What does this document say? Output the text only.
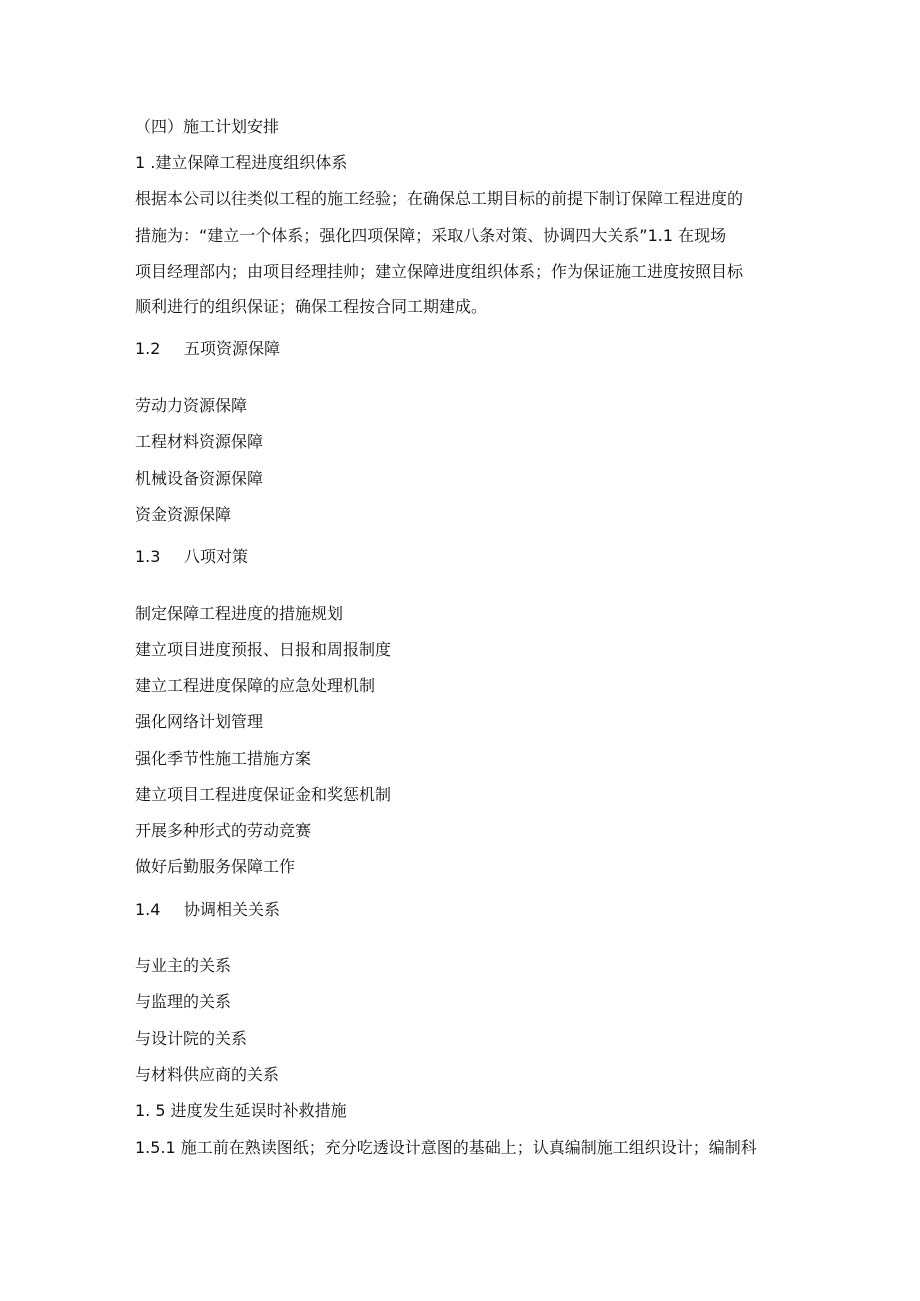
（四）施工计划安排

1 .建立保障工程进度组织体系

根据本公司以往类似工程的施工经验；在确保总工期目标的前提下制订保障工程进度的

措施为：“建立一个体系；强化四项保障；采取八条对策、协调四大关系”1.1 在现场

项目经理部内；由项目经理挂帅；建立保障进度组织体系；作为保证施工进度按照目标

顺利进行的组织保证；确保工程按合同工期建成。

1.2 五项资源保障

劳动力资源保障

工程材料资源保障

机械设备资源保障

资金资源保障

1.3 八项对策

制定保障工程进度的措施规划

建立项目进度预报、日报和周报制度

建立工程进度保障的应急处理机制

强化网络计划管理

强化季节性施工措施方案

建立项目工程进度保证金和奖惩机制

开展多种形式的劳动竞赛

做好后勤服务保障工作

1.4 协调相关关系

与业主的关系

与监理的关系

与设计院的关系

与材料供应商的关系

1. 5 进度发生延误时补救措施

1.5.1 施工前在熟读图纸；充分吃透设计意图的基础上；认真编制施工组织设计；编制科
